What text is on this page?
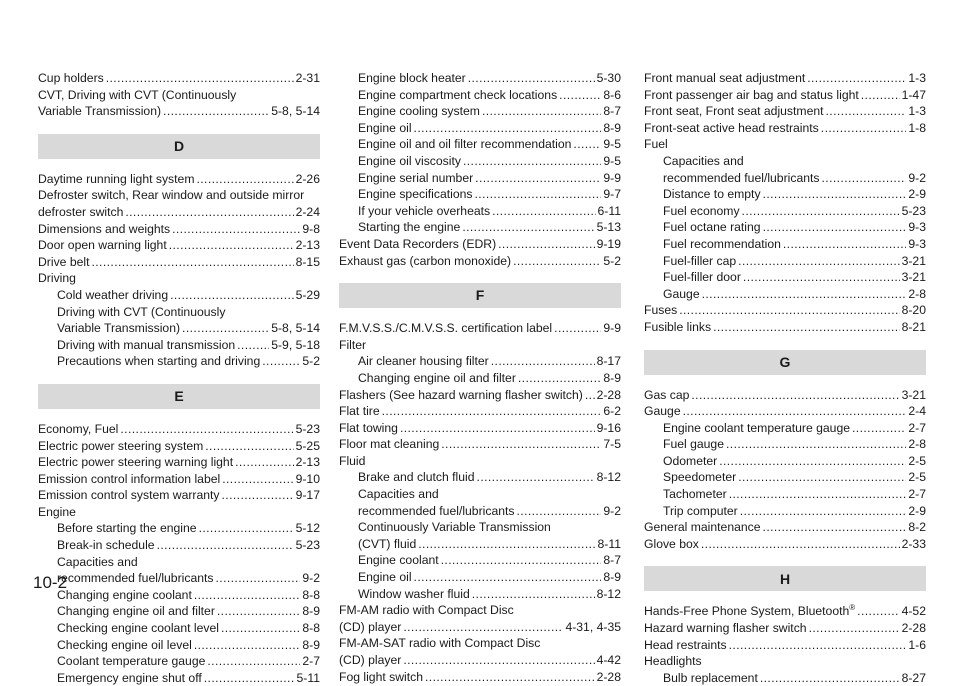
Cup holders .....	2-31
CVT, Driving with CVT (Continuously
Variable Transmission) .....	5-8, 5-14
D
Daytime running light system .....	2-26
Defroster switch, Rear window and outside mirror
defroster switch .....	2-24
Dimensions and weights .....	9-8
Door open warning light .....	2-13
Drive belt .....	8-15
Driving
Cold weather driving .....	5-29
Driving with CVT (Continuously
Variable Transmission) .....	5-8, 5-14
Driving with manual transmission .....	5-9, 5-18
Precautions when starting and driving .....	5-2
E
Economy, Fuel .....	5-23
Electric power steering system .....	5-25
Electric power steering warning light .....	2-13
Emission control information label .....	9-10
Emission control system warranty .....	9-17
Engine
Before starting the engine .....	5-12
Break-in schedule .....	5-23
Capacities and
recommended fuel/lubricants .....	9-2
Changing engine coolant .....	8-8
Changing engine oil and filter .....	8-9
Checking engine coolant level .....	8-8
Checking engine oil level .....	8-9
Coolant temperature gauge .....	2-7
Emergency engine shut off .....	5-11
Engine block heater .....	5-30
Engine compartment check locations .....	8-6
Engine cooling system .....	8-7
Engine oil .....	8-9
Engine oil and oil filter recommendation .....	9-5
Engine oil viscosity .....	9-5
Engine serial number .....	9-9
Engine specifications .....	9-7
If your vehicle overheats .....	6-11
Starting the engine .....	5-13
Event Data Recorders (EDR) .....	9-19
Exhaust gas (carbon monoxide) .....	5-2
F
F.M.V.S.S./C.M.V.S.S. certification label .....	9-9
Filter
Air cleaner housing filter .....	8-17
Changing engine oil and filter .....	8-9
Flashers (See hazard warning flasher switch) ..... 2-28
Flat tire .....	6-2
Flat towing .....	9-16
Floor mat cleaning .....	7-5
Fluid
Brake and clutch fluid .....	8-12
Capacities and
recommended fuel/lubricants .....	9-2
Continuously Variable Transmission
(CVT) fluid .....	8-11
Engine coolant .....	8-7
Engine oil .....	8-9
Window washer fluid .....	8-12
FM-AM radio with Compact Disc
(CD) player .....	4-31, 4-35
FM-AM-SAT radio with Compact Disc
(CD) player .....	4-42
Fog light switch .....	2-28
Front manual seat adjustment .....	1-3
Front passenger air bag and status light .....	1-47
Front seat, Front seat adjustment .....	1-3
Front-seat active head restraints .....	1-8
Fuel
Capacities and
recommended fuel/lubricants .....	9-2
Distance to empty .....	2-9
Fuel economy .....	5-23
Fuel octane rating .....	9-3
Fuel recommendation .....	9-3
Fuel-filler cap .....	3-21
Fuel-filler door .....	3-21
Gauge .....	2-8
Fuses .....	8-20
Fusible links .....	8-21
G
Gas cap .....	3-21
Gauge .....	2-4
Engine coolant temperature gauge .....	2-7
Fuel gauge .....	2-8
Odometer .....	2-5
Speedometer .....	2-5
Tachometer .....	2-7
Trip computer .....	2-9
General maintenance .....	8-2
Glove box .....	2-33
H
Hands-Free Phone System, Bluetooth® .....	4-52
Hazard warning flasher switch .....	2-28
Head restraints .....	1-6
Headlights
Bulb replacement .....	8-27
10-2
